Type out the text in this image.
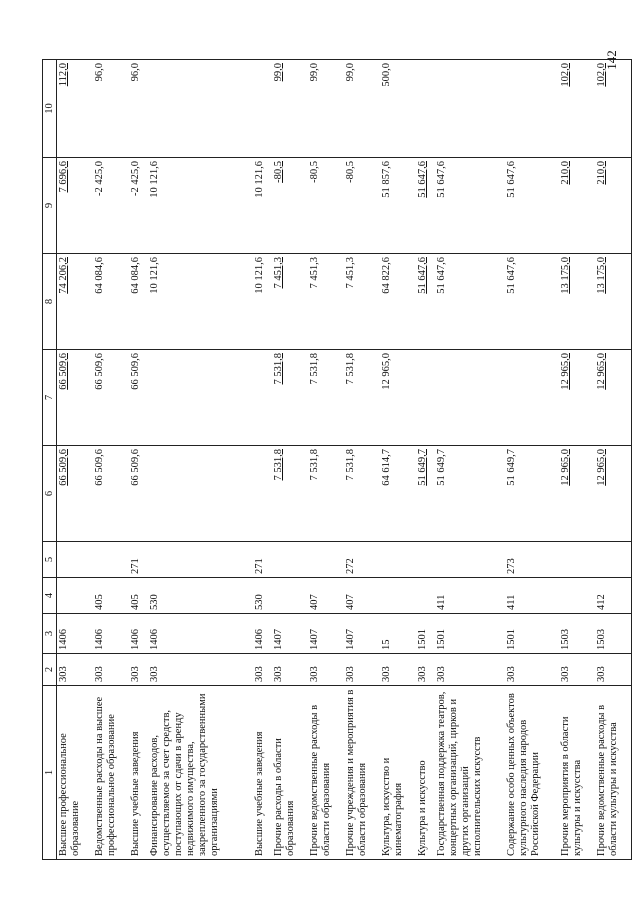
142
1	2	3	4	5	6	7	8	9	10
Высшее профессиональное образование	303	1406			66 509,6	66 509,6	74 206,2	7 696,6	112,0
Ведомственные расходы на высшее профессиональное образование	303	1406	405		66 509,6	66 509,6	64 084,6	-2 425,0	96,0
Высшие учебные заведения	303	1406	405	271	66 509,6	66 509,6	64 084,6	-2 425,0	96,0
Финансирование расходов, осуществляемое за счет средств, поступающих от сдачи в аренду недвижимого имущества, закрепленного за государственными организациями	303	1406	530				10 121,6	10 121,6	
Высшие учебные заведения	303	1406	530	271			10 121,6	10 121,6	
Прочие расходы в области образования	303	1407			7 531,8	7 531,8	7 451,3	-80,5	99,0
Прочие ведомственные расходы в области образования	303	1407	407		7 531,8	7 531,8	7 451,3	-80,5	99,0
Прочие учреждения и мероприятия в области образования	303	1407	407	272	7 531,8	7 531,8	7 451,3	-80,5	99,0
Культура, искусство и кинематография	303	15			64 614,7	12 965,0	64 822,6	51 857,6	500,0
Культура и искусство	303	1501			51 649,7		51 647,6	51 647,6	
Государственная поддержка театров, концертных организаций, цирков и других организаций исполнительских искусств	303	1501	411		51 649,7		51 647,6	51 647,6	
Содержание особо ценных объектов культурного наследия народов Российской Федерации	303	1501	411	273	51 649,7		51 647,6	51 647,6	
Прочие мероприятия в области культуры и искусства	303	1503			12 965,0	12 965,0	13 175,0	210,0	102,0
Прочие ведомственные расходы в области культуры и искусства	303	1503	412		12 965,0	12 965,0	13 175,0	210,0	102,0
